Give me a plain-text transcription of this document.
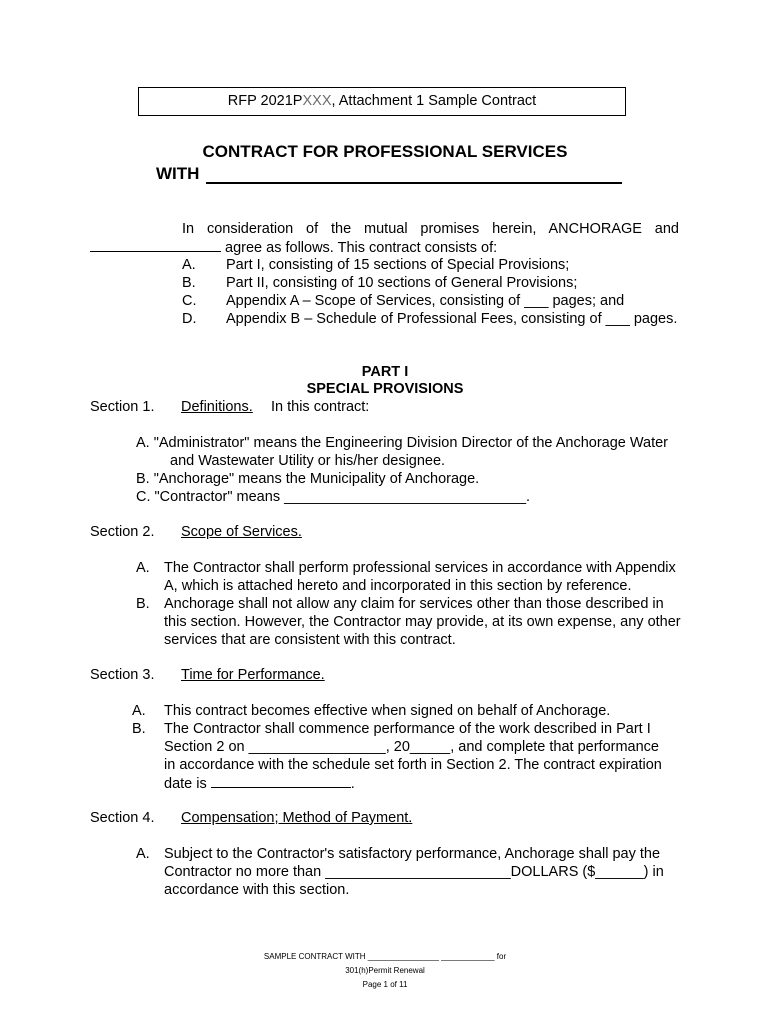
RFP 2021P XXX , Attachment 1 Sample Contract
CONTRACT FOR PROFESSIONAL SERVICES
WITH
In consideration of the mutual promises herein, ANCHORAGE and
agree as follows. This contract consists of:
A. Part I, consisting of 15 sections of Special Provisions;
B. Part II, consisting of 10 sections of General Provisions;
C. Appendix A – Scope of Services, consisting of ___ pages; and
D. Appendix B – Schedule of Professional Fees, consisting of ___ pages.
PART I
SPECIAL PROVISIONS
Section 1. Definitions. In this contract:
A. "Administrator" means the Engineering Division Director of the Anchorage Water
and Wastewater Utility or his/her designee.
B. "Anchorage" means the Municipality of Anchorage.
C. "Contractor" means ______________________________.
Section 2. Scope of Services.
A. The Contractor shall perform professional services in accordance with Appendix
A, which is attached hereto and incorporated in this section by reference.
B. Anchorage shall not allow any claim for services other than those described in
this section. However, the Contractor may provide, at its own expense, any other
services that are consistent with this contract.
Section 3. Time for Performance.
A. This contract becomes effective when signed on behalf of Anchorage.
B. The Contractor shall commence performance of the work described in Part I
Section 2 on _________________, 20_____, and complete that performance
in accordance with the schedule set forth in Section 2. The contract expiration
date is	.
Section 4. Compensation; Method of Payment.
A. Subject to the Contractor's satisfactory performance, Anchorage shall pay the
Contractor no more than _______________________DOLLARS ($______) in
accordance with this section.
SAMPLE CONTRACT WITH ________________ ____________ for
301(h)Permit Renewal
Page 1 of 11
